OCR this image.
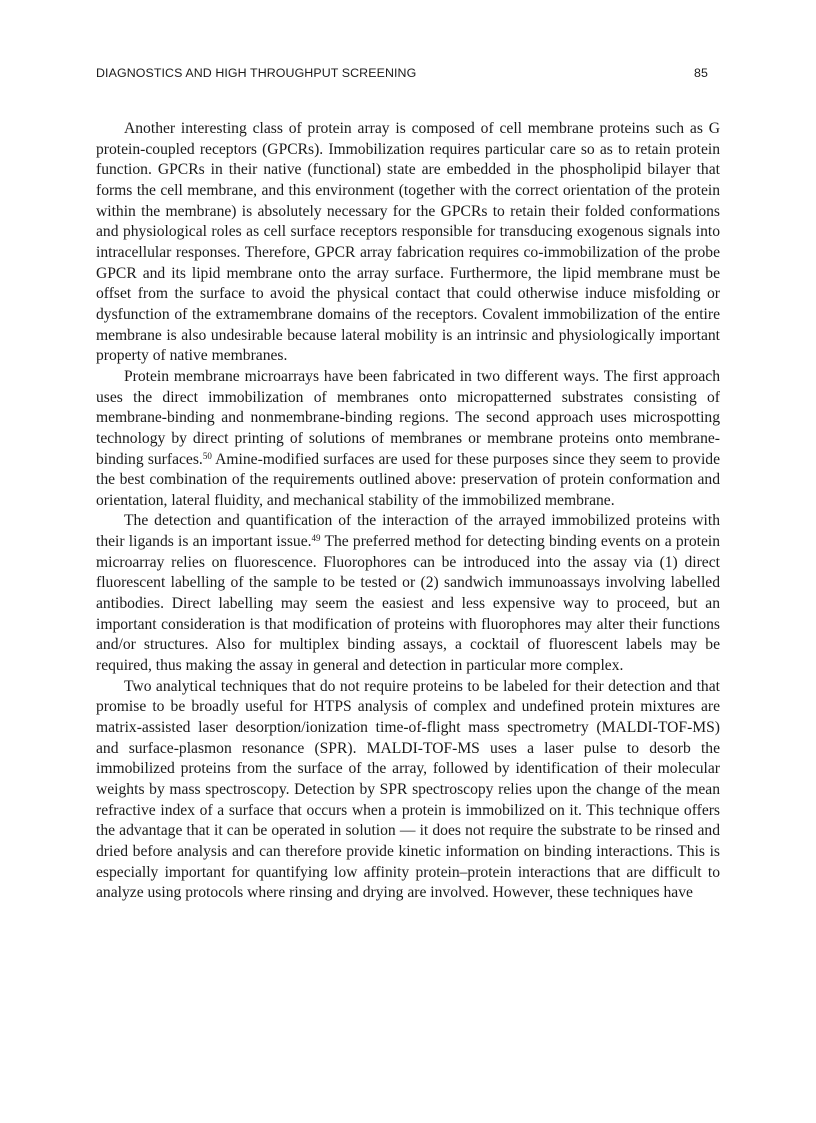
DIAGNOSTICS AND HIGH THROUGHPUT SCREENING	85

Another interesting class of protein array is composed of cell membrane proteins such as G protein-coupled receptors (GPCRs). Immobilization requires particular care so as to retain protein function. GPCRs in their native (functional) state are embedded in the phospholipid bilayer that forms the cell membrane, and this environment (together with the correct orientation of the protein within the membrane) is absolutely necessary for the GPCRs to retain their folded conformations and physiological roles as cell surface receptors responsible for transducing exogenous signals into intracellular responses. Therefore, GPCR array fabrication requires co-immobilization of the probe GPCR and its lipid membrane onto the array surface. Furthermore, the lipid membrane must be offset from the surface to avoid the physical contact that could otherwise induce misfolding or dysfunction of the extramembrane domains of the receptors. Covalent immobilization of the entire membrane is also undesirable because lateral mobility is an intrinsic and physiologically important property of native membranes.

Protein membrane microarrays have been fabricated in two different ways. The first approach uses the direct immobilization of membranes onto micropatterned substrates consisting of membrane-binding and nonmembrane-binding regions. The second approach uses microspotting technology by direct printing of solutions of membranes or membrane proteins onto membrane-binding surfaces.$^{50}$ Amine-modified surfaces are used for these purposes since they seem to provide the best combination of the requirements outlined above: preservation of protein conformation and orientation, lateral fluidity, and mechanical stability of the immobilized membrane.

The detection and quantification of the interaction of the arrayed immobilized proteins with their ligands is an important issue.$^{49}$ The preferred method for detecting binding events on a protein microarray relies on fluorescence. Fluorophores can be introduced into the assay via (1) direct fluorescent labelling of the sample to be tested or (2) sandwich immunoassays involving labelled antibodies. Direct labelling may seem the easiest and less expensive way to proceed, but an important consideration is that modification of proteins with fluorophores may alter their functions and/or structures. Also for multiplex binding assays, a cocktail of fluorescent labels may be required, thus making the assay in general and detection in particular more complex.

Two analytical techniques that do not require proteins to be labeled for their detection and that promise to be broadly useful for HTPS analysis of complex and undefined protein mixtures are matrix-assisted laser desorption/ionization time-of-flight mass spectrometry (MALDI-TOF-MS) and surface-plasmon resonance (SPR). MALDI-TOF-MS uses a laser pulse to desorb the immobilized proteins from the surface of the array, followed by identification of their molecular weights by mass spectroscopy. Detection by SPR spectroscopy relies upon the change of the mean refractive index of a surface that occurs when a protein is immobilized on it. This technique offers the advantage that it can be operated in solution — it does not require the substrate to be rinsed and dried before analysis and can therefore provide kinetic information on binding interactions. This is especially important for quantifying low affinity protein–protein interactions that are difficult to analyze using protocols where rinsing and drying are involved. However, these techniques have
